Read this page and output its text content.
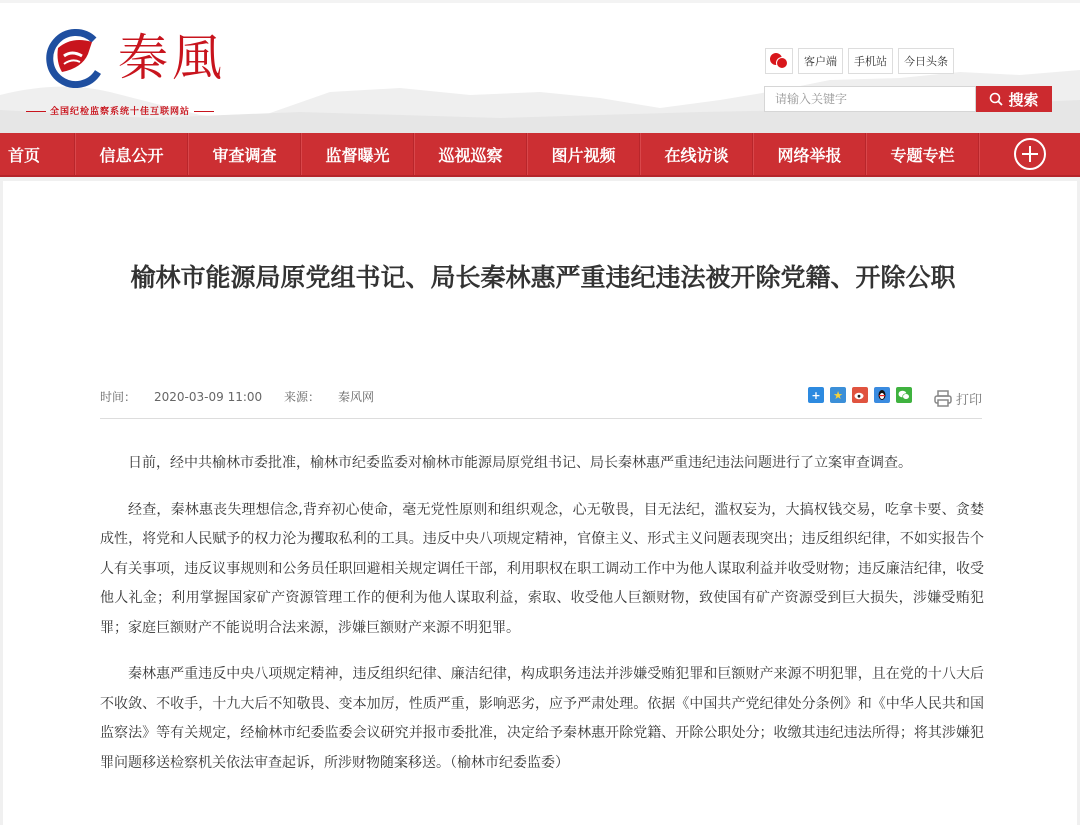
秦風
全国纪检监察系统十佳互联网站
客户端	手机站	今日头条
请输入关键字
搜索
首页	信息公开	审查调查	监督曝光	巡视巡察	图片视频	在线访谈	网络举报	专题专栏
榆林市能源局原党组书记、局长秦林惠严重违纪违法被开除党籍、开除公职
时间： 2020-03-09 11:00 来源： 秦风网	+	★	打印

日前，经中共榆林市委批准，榆林市纪委监委对榆林市能源局原党组书记、局长秦林惠严重违纪违法问题进行了立案审查调查。

经查，秦林惠丧失理想信念,背弃初心使命，毫无党性原则和组织观念，心无敬畏，目无法纪，滥权妄为，大搞权钱交易，吃拿卡要、贪婪成性，将党和人民赋予的权力沦为攫取私利的工具。违反中央八项规定精神，官僚主义、形式主义问题表现突出；违反组织纪律，不如实报告个人有关事项，违反议事规则和公务员任职回避相关规定调任干部，利用职权在职工调动工作中为他人谋取利益并收受财物；违反廉洁纪律，收受他人礼金；利用掌握国家矿产资源管理工作的便利为他人谋取利益，索取、收受他人巨额财物，致使国有矿产资源受到巨大损失，涉嫌受贿犯罪；家庭巨额财产不能说明合法来源，涉嫌巨额财产来源不明犯罪。

秦林惠严重违反中央八项规定精神，违反组织纪律、廉洁纪律，构成职务违法并涉嫌受贿犯罪和巨额财产来源不明犯罪，且在党的十八大后不收敛、不收手，十九大后不知敬畏、变本加厉，性质严重，影响恶劣，应予严肃处理。依据《中国共产党纪律处分条例》和《中华人民共和国监察法》等有关规定，经榆林市纪委监委会议研究并报市委批准，决定给予秦林惠开除党籍、开除公职处分；收缴其违纪违法所得；将其涉嫌犯罪问题移送检察机关依法审查起诉，所涉财物随案移送。（榆林市纪委监委）
